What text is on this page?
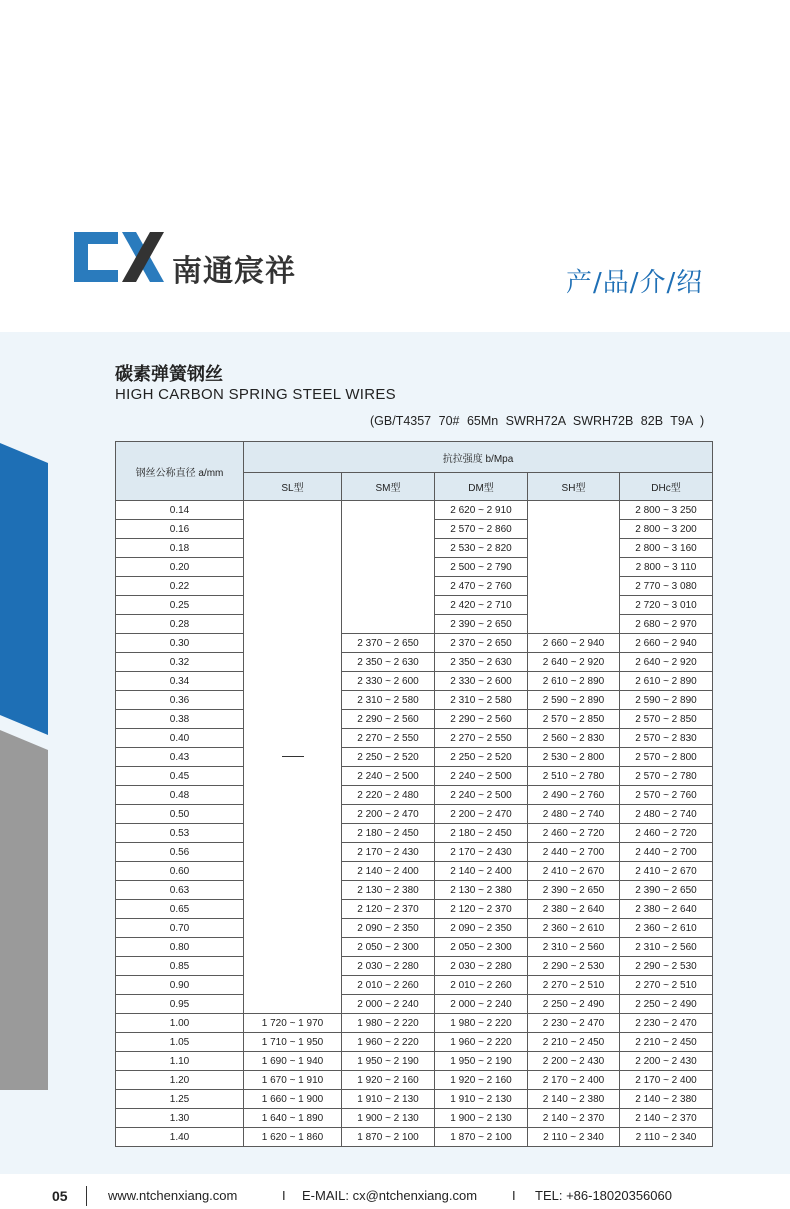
南通宸祥	产/品/介/绍
碳素弹簧钢丝
HIGH CARBON SPRING STEEL WIRES
(GB/T4357 70# 65Mn SWRH72A SWRH72B 82B T9A )
钢丝公称直径 a/mm	抗拉强度 b/Mpa				
	SL型	SM型	DM型	SH型	DHc型
0.14			2 620 ~ 2 910		2 800 ~ 3 250
0.16			2 570 ~ 2 860		2 800 ~ 3 200
0.18			2 530 ~ 2 820		2 800 ~ 3 160
0.20			2 500 ~ 2 790		2 800 ~ 3 110
0.22			2 470 ~ 2 760		2 770 ~ 3 080
0.25			2 420 ~ 2 710		2 720 ~ 3 010
0.28			2 390 ~ 2 650		2 680 ~ 2 970
0.30		2 370 ~ 2 650	2 370 ~ 2 650	2 660 ~ 2 940	2 660 ~ 2 940
0.32		2 350 ~ 2 630	2 350 ~ 2 630	2 640 ~ 2 920	2 640 ~ 2 920
0.34		2 330 ~ 2 600	2 330 ~ 2 600	2 610 ~ 2 890	2 610 ~ 2 890
0.36		2 310 ~ 2 580	2 310 ~ 2 580	2 590 ~ 2 890	2 590 ~ 2 890
0.38		2 290 ~ 2 560	2 290 ~ 2 560	2 570 ~ 2 850	2 570 ~ 2 850
0.40		2 270 ~ 2 550	2 270 ~ 2 550	2 560 ~ 2 830	2 570 ~ 2 830
0.43		2 250 ~ 2 520	2 250 ~ 2 520	2 530 ~ 2 800	2 570 ~ 2 800
0.45		2 240 ~ 2 500	2 240 ~ 2 500	2 510 ~ 2 780	2 570 ~ 2 780
0.48		2 220 ~ 2 480	2 240 ~ 2 500	2 490 ~ 2 760	2 570 ~ 2 760
0.50		2 200 ~ 2 470	2 200 ~ 2 470	2 480 ~ 2 740	2 480 ~ 2 740
0.53		2 180 ~ 2 450	2 180 ~ 2 450	2 460 ~ 2 720	2 460 ~ 2 720
0.56		2 170 ~ 2 430	2 170 ~ 2 430	2 440 ~ 2 700	2 440 ~ 2 700
0.60		2 140 ~ 2 400	2 140 ~ 2 400	2 410 ~ 2 670	2 410 ~ 2 670
0.63		2 130 ~ 2 380	2 130 ~ 2 380	2 390 ~ 2 650	2 390 ~ 2 650
0.65		2 120 ~ 2 370	2 120 ~ 2 370	2 380 ~ 2 640	2 380 ~ 2 640
0.70		2 090 ~ 2 350	2 090 ~ 2 350	2 360 ~ 2 610	2 360 ~ 2 610
0.80		2 050 ~ 2 300	2 050 ~ 2 300	2 310 ~ 2 560	2 310 ~ 2 560
0.85		2 030 ~ 2 280	2 030 ~ 2 280	2 290 ~ 2 530	2 290 ~ 2 530
0.90		2 010 ~ 2 260	2 010 ~ 2 260	2 270 ~ 2 510	2 270 ~ 2 510
0.95		2 000 ~ 2 240	2 000 ~ 2 240	2 250 ~ 2 490	2 250 ~ 2 490
1.00	1 720 ~ 1 970	1 980 ~ 2 220	1 980 ~ 2 220	2 230 ~ 2 470	2 230 ~ 2 470
1.05	1 710 ~ 1 950	1 960 ~ 2 220	1 960 ~ 2 220	2 210 ~ 2 450	2 210 ~ 2 450
1.10	1 690 ~ 1 940	1 950 ~ 2 190	1 950 ~ 2 190	2 200 ~ 2 430	2 200 ~ 2 430
1.20	1 670 ~ 1 910	1 920 ~ 2 160	1 920 ~ 2 160	2 170 ~ 2 400	2 170 ~ 2 400
1.25	1 660 ~ 1 900	1 910 ~ 2 130	1 910 ~ 2 130	2 140 ~ 2 380	2 140 ~ 2 380
1.30	1 640 ~ 1 890	1 900 ~ 2 130	1 900 ~ 2 130	2 140 ~ 2 370	2 140 ~ 2 370
1.40	1 620 ~ 1 860	1 870 ~ 2 100	1 870 ~ 2 100	2 110 ~ 2 340	2 110 ~ 2 340
05	www.ntchenxiang.com	I E-MAIL: cx@ntchenxiang.com	I TEL: +86-18020356060
